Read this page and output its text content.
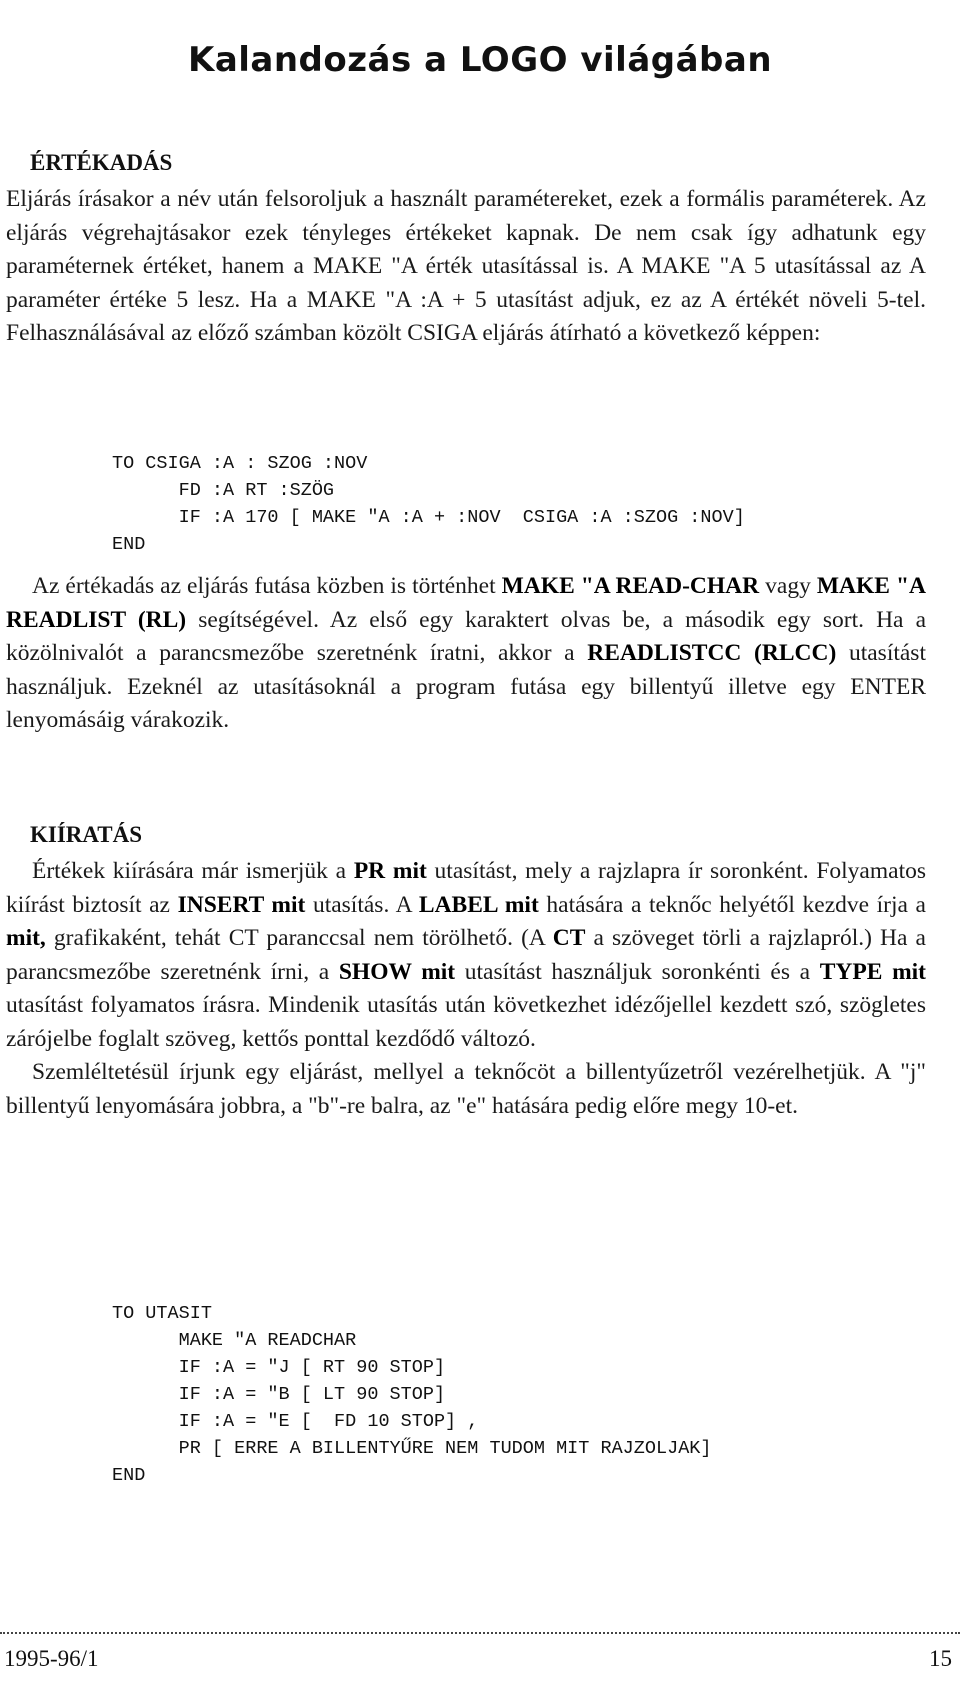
Kalandozás a LOGO világában
ÉRTÉKADÁS

Eljárás írásakor a név után felsoroljuk a használt paramétereket, ezek a formális paraméterek. Az eljárás végrehajtásakor ezek tényleges értékeket kapnak. De nem csak így adhatunk egy paraméternek értéket, hanem a MAKE "A érték utasítással is. A MAKE "A 5 utasítással az A paraméter értéke 5 lesz. Ha a MAKE "A :A + 5 utasítást adjuk, ez az A értékét növeli 5-tel. Felhasználásával az előző számban közölt CSIGA eljárás átírható a következő képpen:

TO CSIGA :A : SZOG :NOV
FD :A RT :SZÖG
IF :A 170 [ MAKE "A :A + :NOV  CSIGA :A :SZOG :NOV]
END

Az értékadás az eljárás futása közben is történhet MAKE "A READ-CHAR vagy MAKE "A READLIST (RL) segítségével. Az első egy karaktert olvas be, a második egy sort. Ha a közölnivalót a parancsmezőbe szeretnénk íratni, akkor a READLISTCC (RLCC) utasítást használjuk. Ezeknél az utasításoknál a program futása egy billentyű illetve egy ENTER lenyomásáig várakozik.

KIÍRATÁS

Értékek kiírására már ismerjük a PR mit utasítást, mely a rajzlapra ír soronként. Folyamatos kiírást biztosít az INSERT mit utasítás. A LABEL mit hatására a teknőc helyétől kezdve írja a mit, grafikaként, tehát CT paranccsal nem törölhető. (A CT a szöveget törli a rajzlapról.) Ha a parancsmezőbe szeretnénk írni, a SHOW mit utasítást használjuk soronkénti és a TYPE mit utasítást folyamatos írásra. Mindenik utasítás után következhet idézőjellel kezdett szó, szögletes zárójelbe foglalt szöveg, kettős ponttal kezdődő változó.

Szemléltetésül írjunk egy eljárást, mellyel a teknőcöt a billentyűzetről vezérelhetjük. A "j" billentyű lenyomására jobbra, a "b"-re balra, az "e" hatására pedig előre megy 10-et.

TO UTASIT
MAKE "A READCHAR
IF :A = "J [ RT 90 STOP]
IF :A = "B [ LT 90 STOP]
IF :A = "E [  FD 10 STOP] ,
PR [ ERRE A BILLENTYŰRE NEM TUDOM MIT RAJZOLJAK]
END
1995-96/1	15
